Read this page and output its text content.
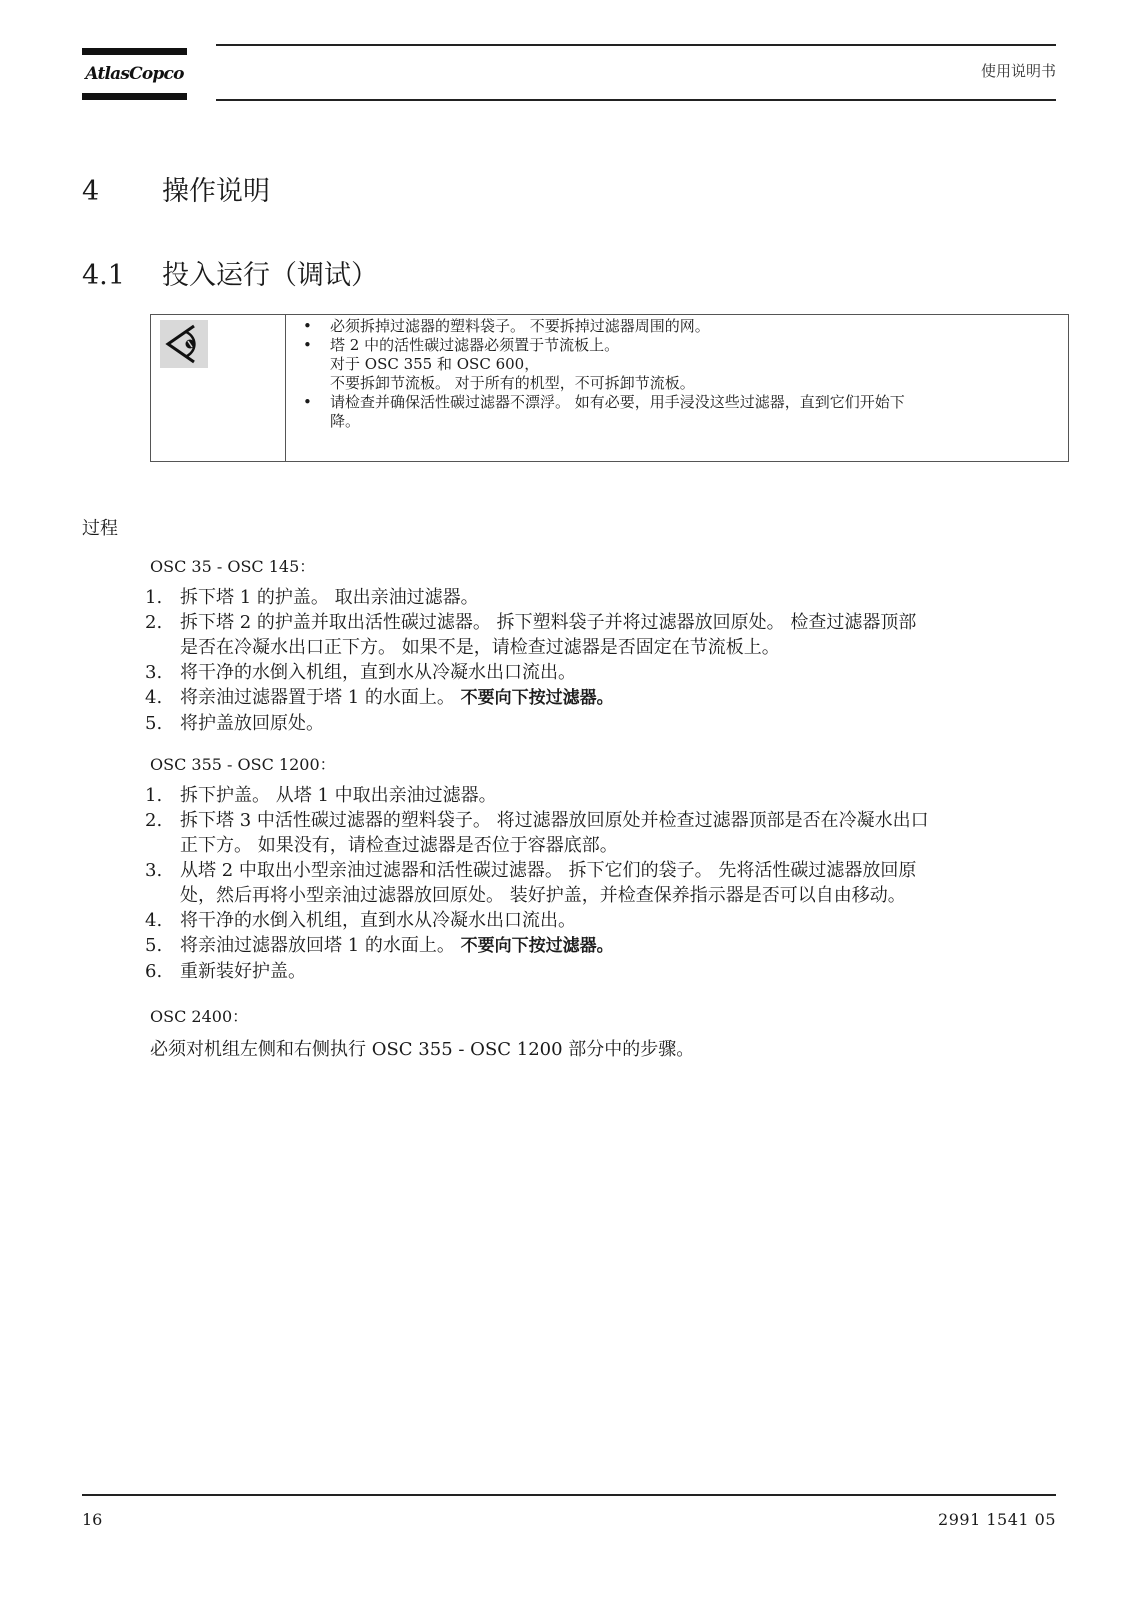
AtlasCopco	使用说明书
4 操作说明
4.1 投入运行（调试）
• 必须拆掉过滤器的塑料袋子。 不要拆掉过滤器周围的网。
• 塔 2 中的活性碳过滤器必须置于节流板上。
对于 OSC 355 和 OSC 600，
不要拆卸节流板。 对于所有的机型，不可拆卸节流板。
• 请检查并确保活性碳过滤器不漂浮。 如有必要，用手浸没这些过滤器，直到它们开始下
降。
过程
OSC 35 - OSC 145：
1. 拆下塔 1 的护盖。 取出亲油过滤器。
2. 拆下塔 2 的护盖并取出活性碳过滤器。 拆下塑料袋子并将过滤器放回原处。 检查过滤器顶部
是否在冷凝水出口正下方。 如果不是，请检查过滤器是否固定在节流板上。
3. 将干净的水倒入机组，直到水从冷凝水出口流出。
4. 将亲油过滤器置于塔 1 的水面上。 不要向下按过滤器。
5. 将护盖放回原处。
OSC 355 - OSC 1200：
1. 拆下护盖。 从塔 1 中取出亲油过滤器。
2. 拆下塔 3 中活性碳过滤器的塑料袋子。 将过滤器放回原处并检查过滤器顶部是否在冷凝水出口
正下方。 如果没有，请检查过滤器是否位于容器底部。
3. 从塔 2 中取出小型亲油过滤器和活性碳过滤器。 拆下它们的袋子。 先将活性碳过滤器放回原
处，然后再将小型亲油过滤器放回原处。 装好护盖，并检查保养指示器是否可以自由移动。
4. 将干净的水倒入机组，直到水从冷凝水出口流出。
5. 将亲油过滤器放回塔 1 的水面上。 不要向下按过滤器。
6. 重新装好护盖。
OSC 2400：
必须对机组左侧和右侧执行 OSC 355 - OSC 1200 部分中的步骤。
16	2991 1541 05
